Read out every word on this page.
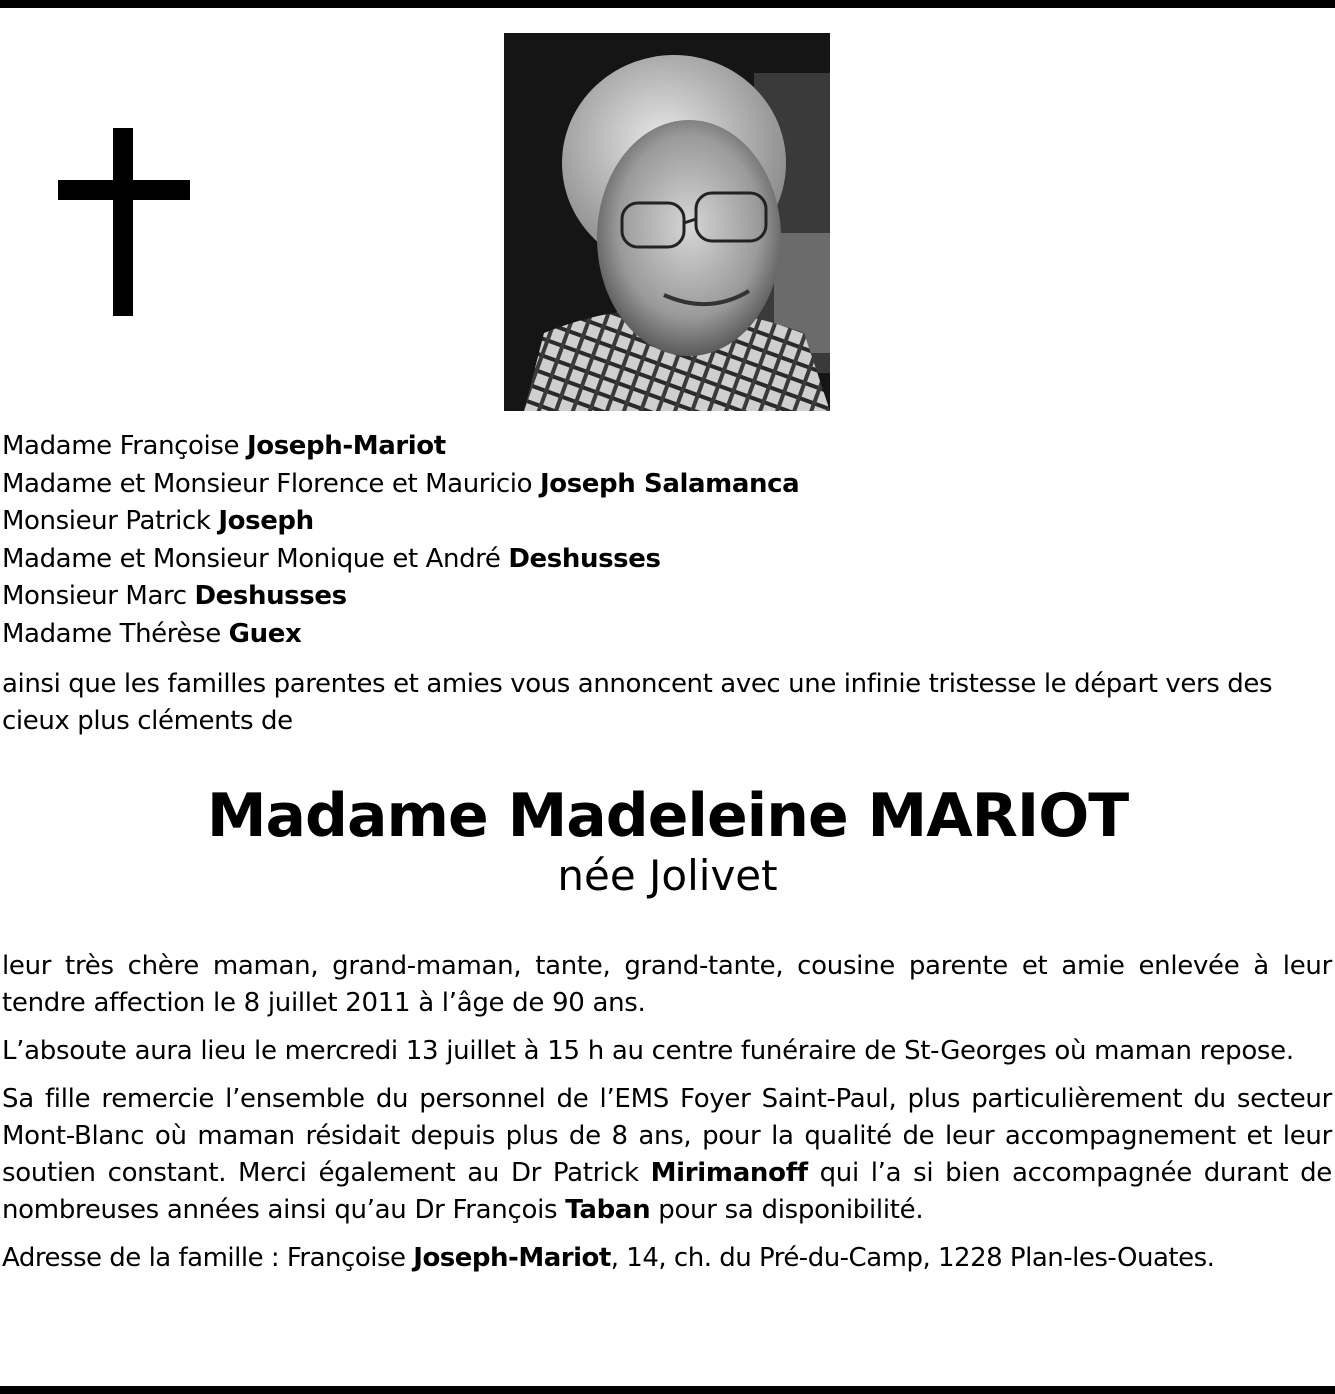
Madame Françoise Joseph-Mariot
Madame et Monsieur Florence et Mauricio Joseph Salamanca
Monsieur Patrick Joseph
Madame et Monsieur Monique et André Deshusses
Monsieur Marc Deshusses
Madame Thérèse Guex
ainsi que les familles parentes et amies vous annoncent avec une infinie tristesse le départ vers des cieux plus cléments de
Madame Madeleine MARIOT
née Jolivet

leur très chère maman, grand-maman, tante, grand-tante, cousine parente et amie enlevée à leur tendre affection le 8 juillet 2011 à l’âge de 90 ans.

L’absoute aura lieu le mercredi 13 juillet à 15 h au centre funéraire de St-Georges où maman repose.

Sa fille remercie l’ensemble du personnel de l’EMS Foyer Saint-Paul, plus particulièrement du secteur Mont-Blanc où maman résidait depuis plus de 8 ans, pour la qualité de leur accompagnement et leur soutien constant. Merci également au Dr Patrick Mirimanoff qui l’a si bien accompagnée durant de nombreuses années ainsi qu’au Dr François Taban pour sa disponibilité.

Adresse de la famille : Françoise Joseph-Mariot, 14, ch. du Pré-du-Camp, 1228 Plan-les-Ouates.
